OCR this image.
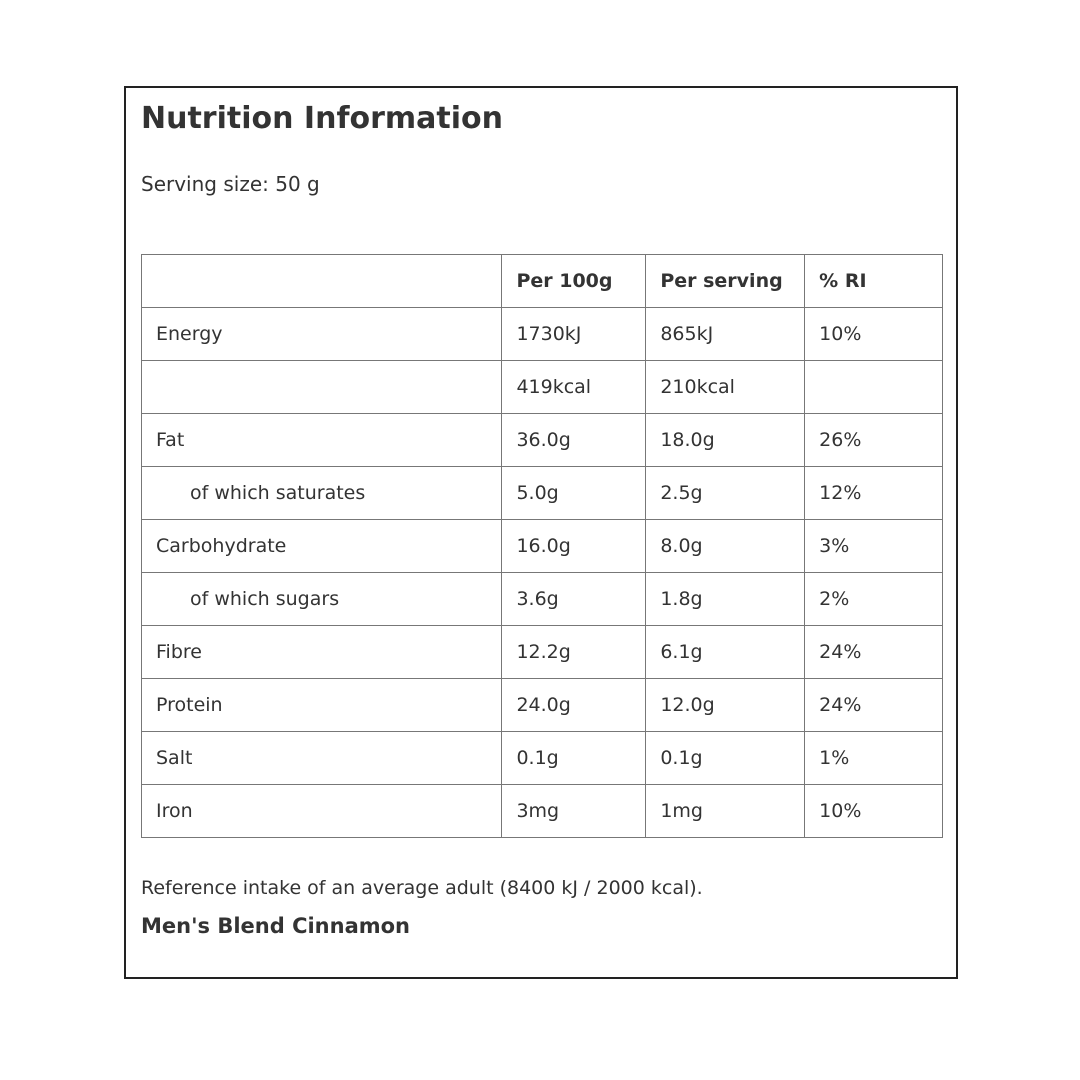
Nutrition Information

Serving size: 50 g

	Per 100g	Per serving	% RI
Energy	1730kJ	865kJ	10%
	419kcal	210kcal	
Fat	36.0g	18.0g	26%
of which saturates	5.0g	2.5g	12%
Carbohydrate	16.0g	8.0g	3%
of which sugars	3.6g	1.8g	2%
Fibre	12.2g	6.1g	24%
Protein	24.0g	12.0g	24%
Salt	0.1g	0.1g	1%
Iron	3mg	1mg	10%

Reference intake of an average adult (8400 kJ / 2000 kcal).

Men's Blend Cinnamon
